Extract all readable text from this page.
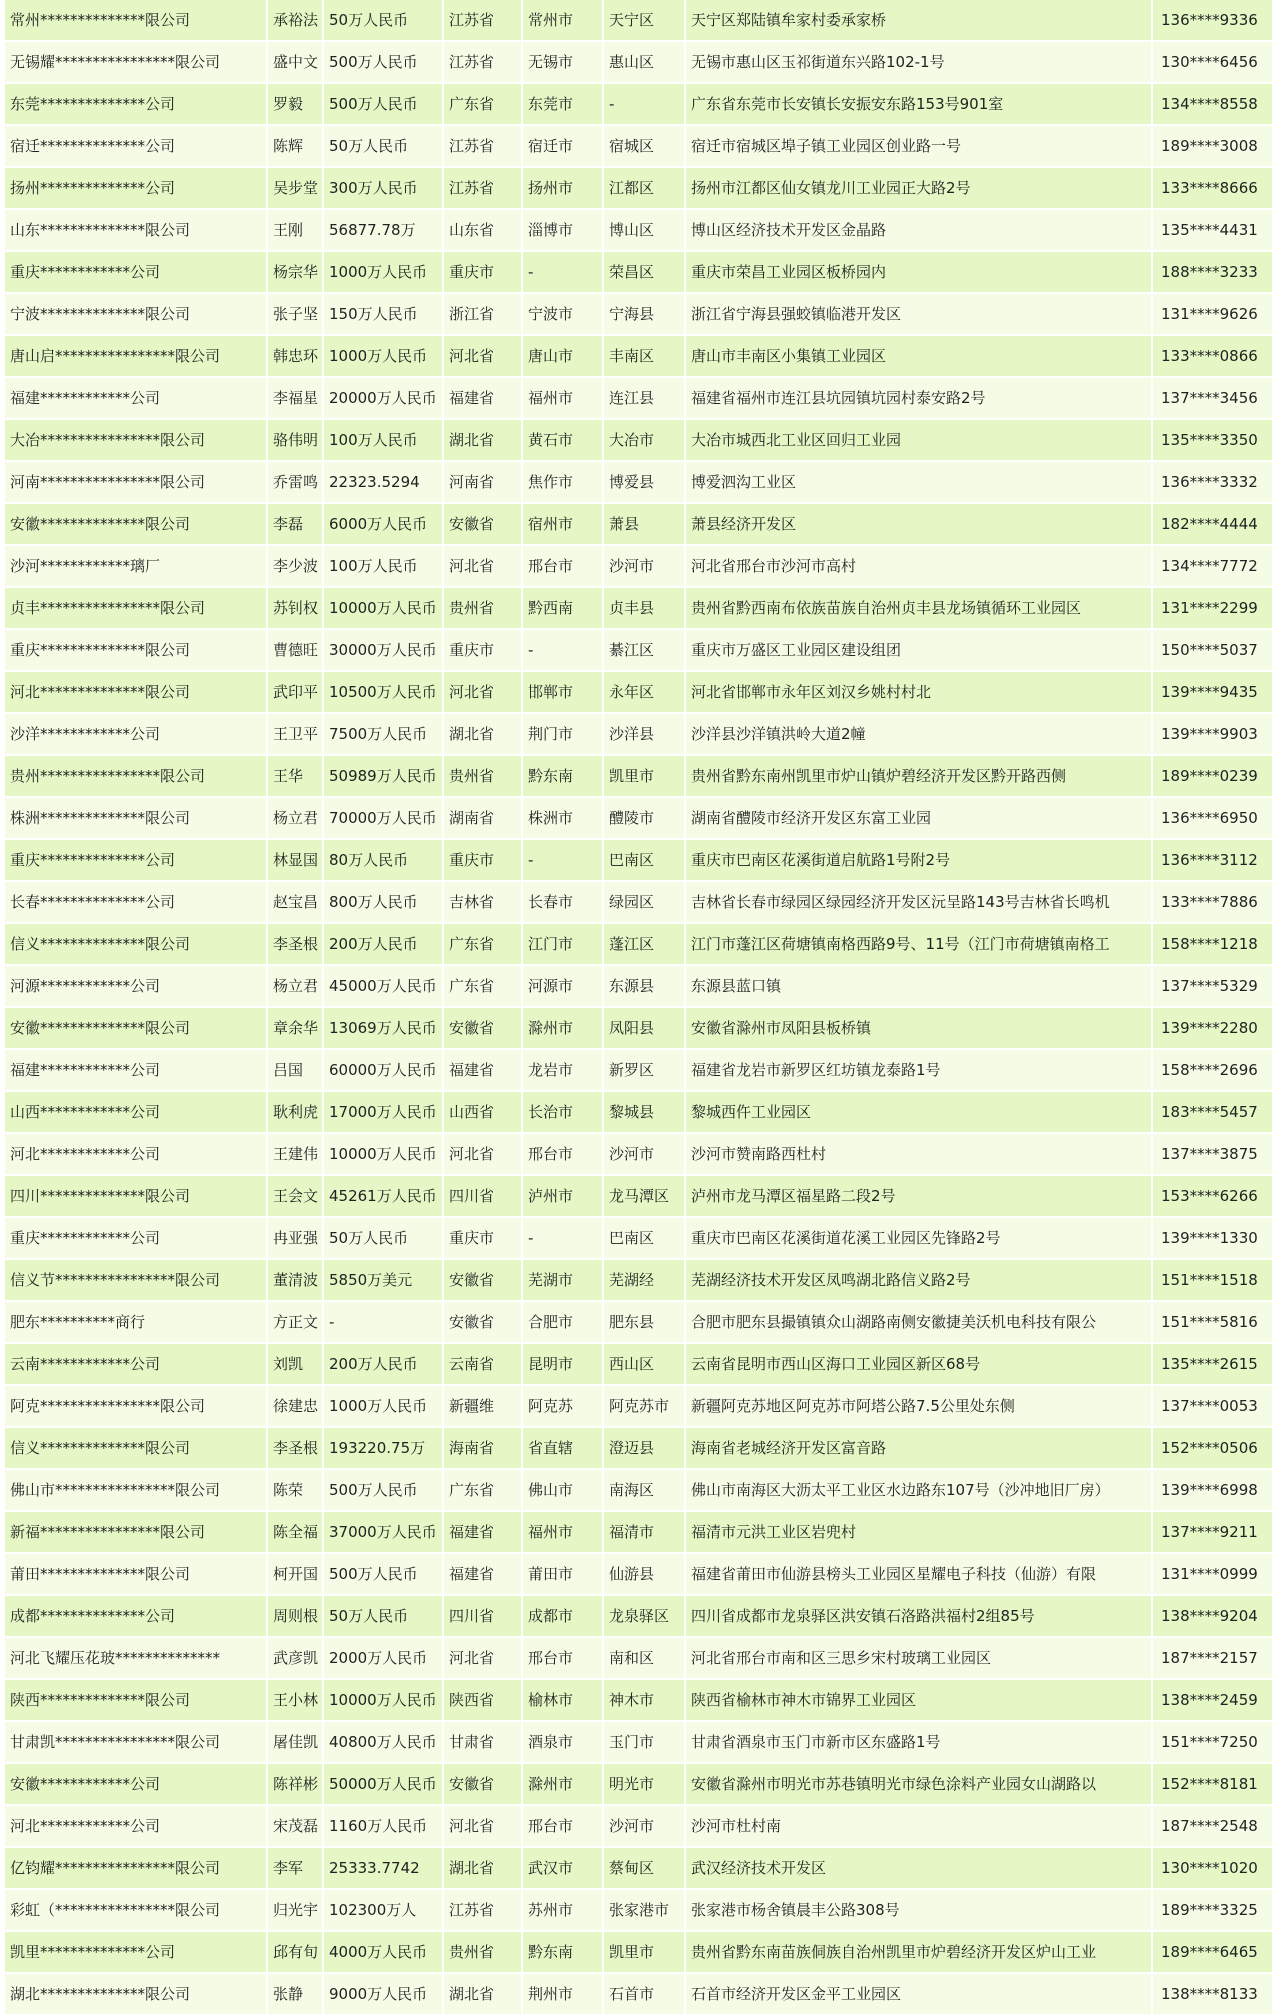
常州**************限公司	承裕法	50万人民币	江苏省	常州市	天宁区	天宁区郑陆镇牟家村委承家桥	136****9336
无锡耀****************限公司	盛中文	500万人民币	江苏省	无锡市	惠山区	无锡市惠山区玉祁街道东兴路102-1号	130****6456
东莞**************公司	罗毅	500万人民币	广东省	东莞市	-	广东省东莞市长安镇长安振安东路153号901室	134****8558
宿迁**************公司	陈辉	50万人民币	江苏省	宿迁市	宿城区	宿迁市宿城区埠子镇工业园区创业路一号	189****3008
扬州**************公司	吴步堂	300万人民币	江苏省	扬州市	江都区	扬州市江都区仙女镇龙川工业园正大路2号	133****8666
山东**************限公司	王刚	56877.78万	山东省	淄博市	博山区	博山区经济技术开发区金晶路	135****4431
重庆************公司	杨宗华	1000万人民币	重庆市	-	荣昌区	重庆市荣昌工业园区板桥园内	188****3233
宁波**************限公司	张子坚	150万人民币	浙江省	宁波市	宁海县	浙江省宁海县强蛟镇临港开发区	131****9626
唐山启****************限公司	韩忠环	1000万人民币	河北省	唐山市	丰南区	唐山市丰南区小集镇工业园区	133****0866
福建************公司	李福星	20000万人民币	福建省	福州市	连江县	福建省福州市连江县坑园镇坑园村泰安路2号	137****3456
大冶****************限公司	骆伟明	100万人民币	湖北省	黄石市	大冶市	大冶市城西北工业区回归工业园	135****3350
河南****************限公司	乔雷鸣	22323.5294	河南省	焦作市	博爱县	博爱泗沟工业区	136****3332
安徽**************限公司	李磊	6000万人民币	安徽省	宿州市	萧县	萧县经济开发区	182****4444
沙河************璃厂	李少波	100万人民币	河北省	邢台市	沙河市	河北省邢台市沙河市高村	134****7772
贞丰****************限公司	苏钊权	10000万人民币	贵州省	黔西南	贞丰县	贵州省黔西南布依族苗族自治州贞丰县龙场镇循环工业园区	131****2299
重庆**************限公司	曹德旺	30000万人民币	重庆市	-	綦江区	重庆市万盛区工业园区建设组团	150****5037
河北**************限公司	武印平	10500万人民币	河北省	邯郸市	永年区	河北省邯郸市永年区刘汉乡姚村村北	139****9435
沙洋************公司	王卫平	7500万人民币	湖北省	荆门市	沙洋县	沙洋县沙洋镇洪岭大道2幢	139****9903
贵州****************限公司	王华	50989万人民币	贵州省	黔东南	凯里市	贵州省黔东南州凯里市炉山镇炉碧经济开发区黔开路西侧	189****0239
株洲**************限公司	杨立君	70000万人民币	湖南省	株洲市	醴陵市	湖南省醴陵市经济开发区东富工业园	136****6950
重庆**************公司	林显国	80万人民币	重庆市	-	巴南区	重庆市巴南区花溪街道启航路1号附2号	136****3112
长春**************公司	赵宝昌	800万人民币	吉林省	长春市	绿园区	吉林省长春市绿园区绿园经济开发区沅呈路143号吉林省长鸣机	133****7886
信义**************限公司	李圣根	200万人民币	广东省	江门市	蓬江区	江门市蓬江区荷塘镇南格西路9号、11号（江门市荷塘镇南格工	158****1218
河源************公司	杨立君	45000万人民币	广东省	河源市	东源县	东源县蓝口镇	137****5329
安徽**************限公司	章余华	13069万人民币	安徽省	滁州市	凤阳县	安徽省滁州市凤阳县板桥镇	139****2280
福建************公司	吕国	60000万人民币	福建省	龙岩市	新罗区	福建省龙岩市新罗区红坊镇龙泰路1号	158****2696
山西************公司	耿利虎	17000万人民币	山西省	长治市	黎城县	黎城西仵工业园区	183****5457
河北************公司	王建伟	10000万人民币	河北省	邢台市	沙河市	沙河市赞南路西杜村	137****3875
四川**************限公司	王会文	45261万人民币	四川省	泸州市	龙马潭区	泸州市龙马潭区福星路二段2号	153****6266
重庆************公司	冉亚强	50万人民币	重庆市	-	巴南区	重庆市巴南区花溪街道花溪工业园区先锋路2号	139****1330
信义节****************限公司	董清波	5850万美元	安徽省	芜湖市	芜湖经	芜湖经济技术开发区凤鸣湖北路信义路2号	151****1518
肥东**********商行	方正文	-	安徽省	合肥市	肥东县	合肥市肥东县撮镇镇众山湖路南侧安徽捷美沃机电科技有限公	151****5816
云南************公司	刘凯	200万人民币	云南省	昆明市	西山区	云南省昆明市西山区海口工业园区新区68号	135****2615
阿克****************限公司	徐建忠	1000万人民币	新疆维	阿克苏	阿克苏市	新疆阿克苏地区阿克苏市阿塔公路7.5公里处东侧	137****0053
信义**************限公司	李圣根	193220.75万	海南省	省直辖	澄迈县	海南省老城经济开发区富音路	152****0506
佛山市****************限公司	陈荣	500万人民币	广东省	佛山市	南海区	佛山市南海区大沥太平工业区水边路东107号（沙冲地旧厂房）	139****6998
新福****************限公司	陈全福	37000万人民币	福建省	福州市	福清市	福清市元洪工业区岩兜村	137****9211
莆田**************限公司	柯开国	500万人民币	福建省	莆田市	仙游县	福建省莆田市仙游县榜头工业园区星耀电子科技（仙游）有限	131****0999
成都**************公司	周则根	50万人民币	四川省	成都市	龙泉驿区	四川省成都市龙泉驿区洪安镇石洛路洪福村2组85号	138****9204
河北飞耀压花玻**************	武彦凯	2000万人民币	河北省	邢台市	南和区	河北省邢台市南和区三思乡宋村玻璃工业园区	187****2157
陕西**************限公司	王小林	10000万人民币	陕西省	榆林市	神木市	陕西省榆林市神木市锦界工业园区	138****2459
甘肃凯****************限公司	屠佳凯	40800万人民币	甘肃省	酒泉市	玉门市	甘肃省酒泉市玉门市新市区东盛路1号	151****7250
安徽************公司	陈祥彬	50000万人民币	安徽省	滁州市	明光市	安徽省滁州市明光市苏巷镇明光市绿色涂料产业园女山湖路以	152****8181
河北************公司	宋茂磊	1160万人民币	河北省	邢台市	沙河市	沙河市杜村南	187****2548
亿钧耀****************限公司	李军	25333.7742	湖北省	武汉市	蔡甸区	武汉经济技术开发区	130****1020
彩虹（****************限公司	归光宇	102300万人	江苏省	苏州市	张家港市	张家港市杨舍镇晨丰公路308号	189****3325
凯里**************公司	邱有旬	4000万人民币	贵州省	黔东南	凯里市	贵州省黔东南苗族侗族自治州凯里市炉碧经济开发区炉山工业	189****6465
湖北**************限公司	张静	9000万人民币	湖北省	荆州市	石首市	石首市经济开发区金平工业园区	138****8133
